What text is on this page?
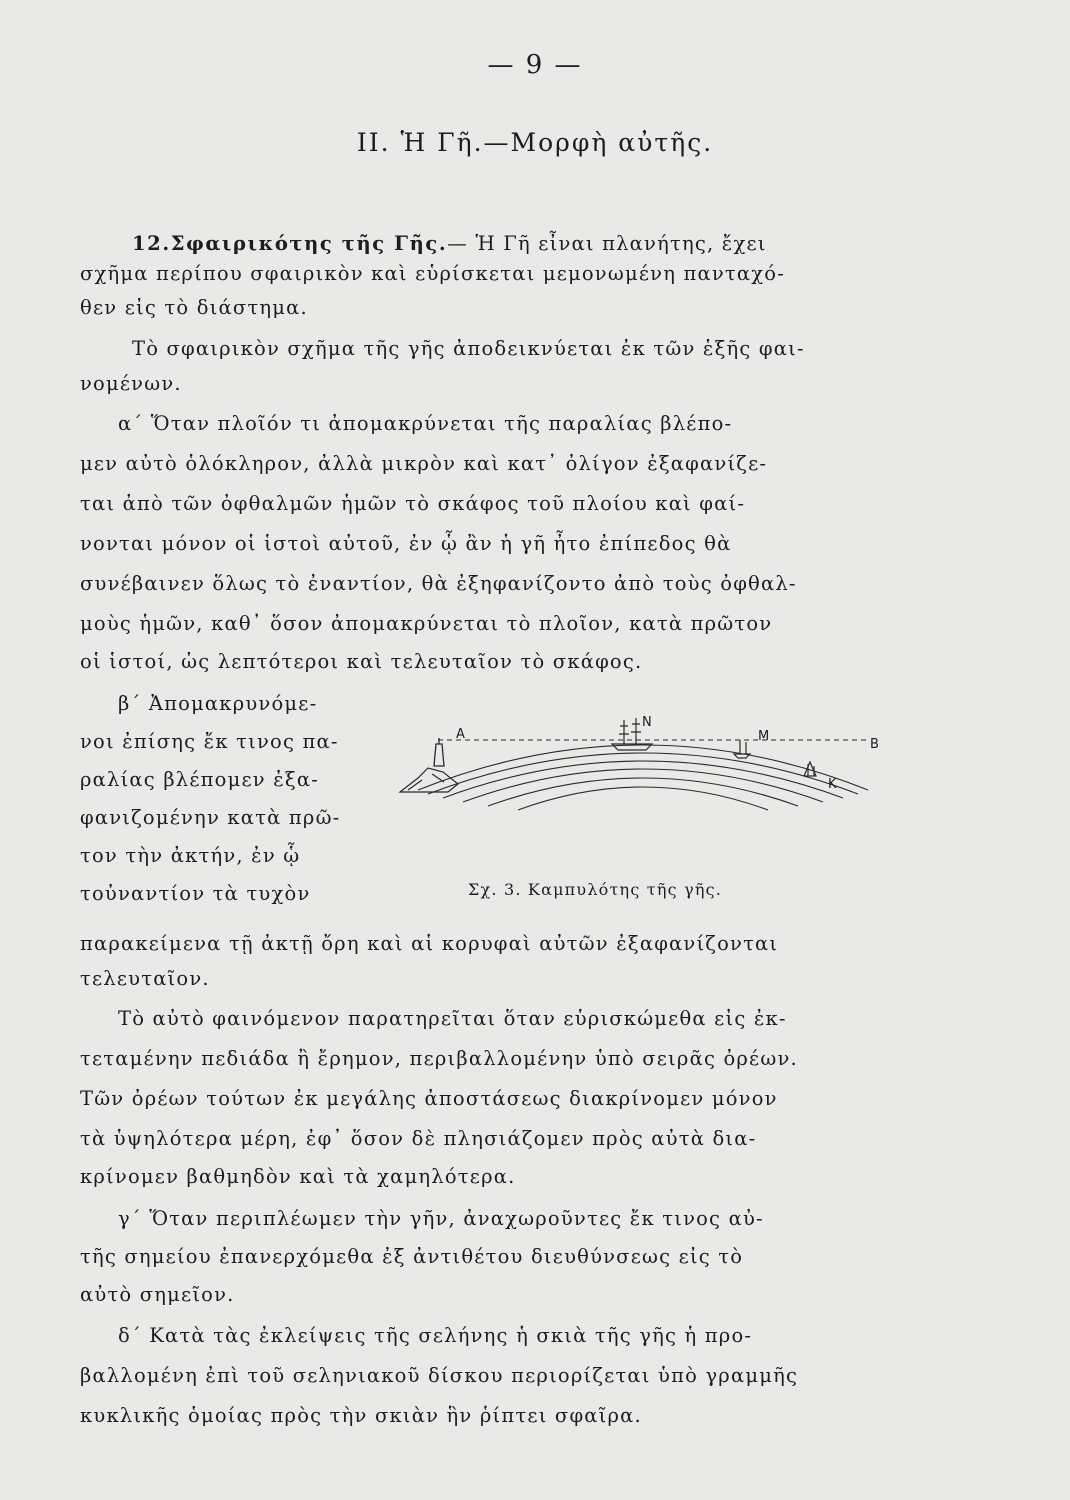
— 9 —
II. Ἡ Γῆ.—Μορφὴ αὐτῆς.
12.Σφαιρικότης τῆς Γῆς.— Ἡ Γῆ εἶναι πλανήτης, ἔχει
σχῆμα περίπου σφαιρικὸν καὶ εὑρίσκεται μεμονωμένη πανταχό-
θεν εἰς τὸ διάστημα.
Τὸ σφαιρικὸν σχῆμα τῆς γῆς ἀποδεικνύεται ἐκ τῶν ἑξῆς φαι-
νομένων.
α΄ Ὅταν πλοῖόν τι ἀπομακρύνεται τῆς παραλίας βλέπο-
μεν αὐτὸ ὁλόκληρον, ἀλλὰ μικρὸν καὶ κατ᾽ ὀλίγον ἐξαφανίζε-
ται ἀπὸ τῶν ὀφθαλμῶν ἡμῶν τὸ σκάφος τοῦ πλοίου καὶ φαί-
νονται μόνον οἱ ἱστοὶ αὐτοῦ, ἐν ᾧ ἂν ἡ γῆ ἦτο ἐπίπεδος θὰ
συνέβαινεν ὅλως τὸ ἐναντίον, θὰ ἐξηφανίζοντο ἀπὸ τοὺς ὀφθαλ-
μοὺς ἡμῶν, καθ᾽ ὅσον ἀπομακρύνεται τὸ πλοῖον, κατὰ πρῶτον
οἱ ἱστοί, ὡς λεπτότεροι καὶ τελευταῖον τὸ σκάφος.
β΄ Ἀπομακρυνόμε-
νοι ἐπίσης ἔκ τινος πα-
ραλίας βλέπομεν ἐξα-
φανιζομένην κατὰ πρῶ-
τον τὴν ἀκτήν, ἐν ᾧ
τοὐναντίον τὰ τυχὸν
A
N
M
B
K
Σχ. 3. Καμπυλότης τῆς γῆς.
παρακείμενα τῇ ἀκτῇ ὄρη καὶ αἱ κορυφαὶ αὐτῶν ἐξαφανίζονται
τελευταῖον.
Τὸ αὐτὸ φαινόμενον παρατηρεῖται ὅταν εὑρισκώμεθα εἰς ἐκ-
τεταμένην πεδιάδα ἢ ἔρημον, περιβαλλομένην ὑπὸ σειρᾶς ὀρέων.
Τῶν ὀρέων τούτων ἐκ μεγάλης ἀποστάσεως διακρίνομεν μόνον
τὰ ὑψηλότερα μέρη, ἐφ᾽ ὅσον δὲ πλησιάζομεν πρὸς αὐτὰ δια-
κρίνομεν βαθμηδὸν καὶ τὰ χαμηλότερα.
γ΄ Ὅταν περιπλέωμεν τὴν γῆν, ἀναχωροῦντες ἔκ τινος αὐ-
τῆς σημείου ἐπανερχόμεθα ἐξ ἀντιθέτου διευθύνσεως εἰς τὸ
αὐτὸ σημεῖον.
δ΄ Κατὰ τὰς ἐκλείψεις τῆς σελήνης ἡ σκιὰ τῆς γῆς ἡ προ-
βαλλομένη ἐπὶ τοῦ σεληνιακοῦ δίσκου περιορίζεται ὑπὸ γραμμῆς
κυκλικῆς ὁμοίας πρὸς τὴν σκιὰν ἣν ῥίπτει σφαῖρα.
